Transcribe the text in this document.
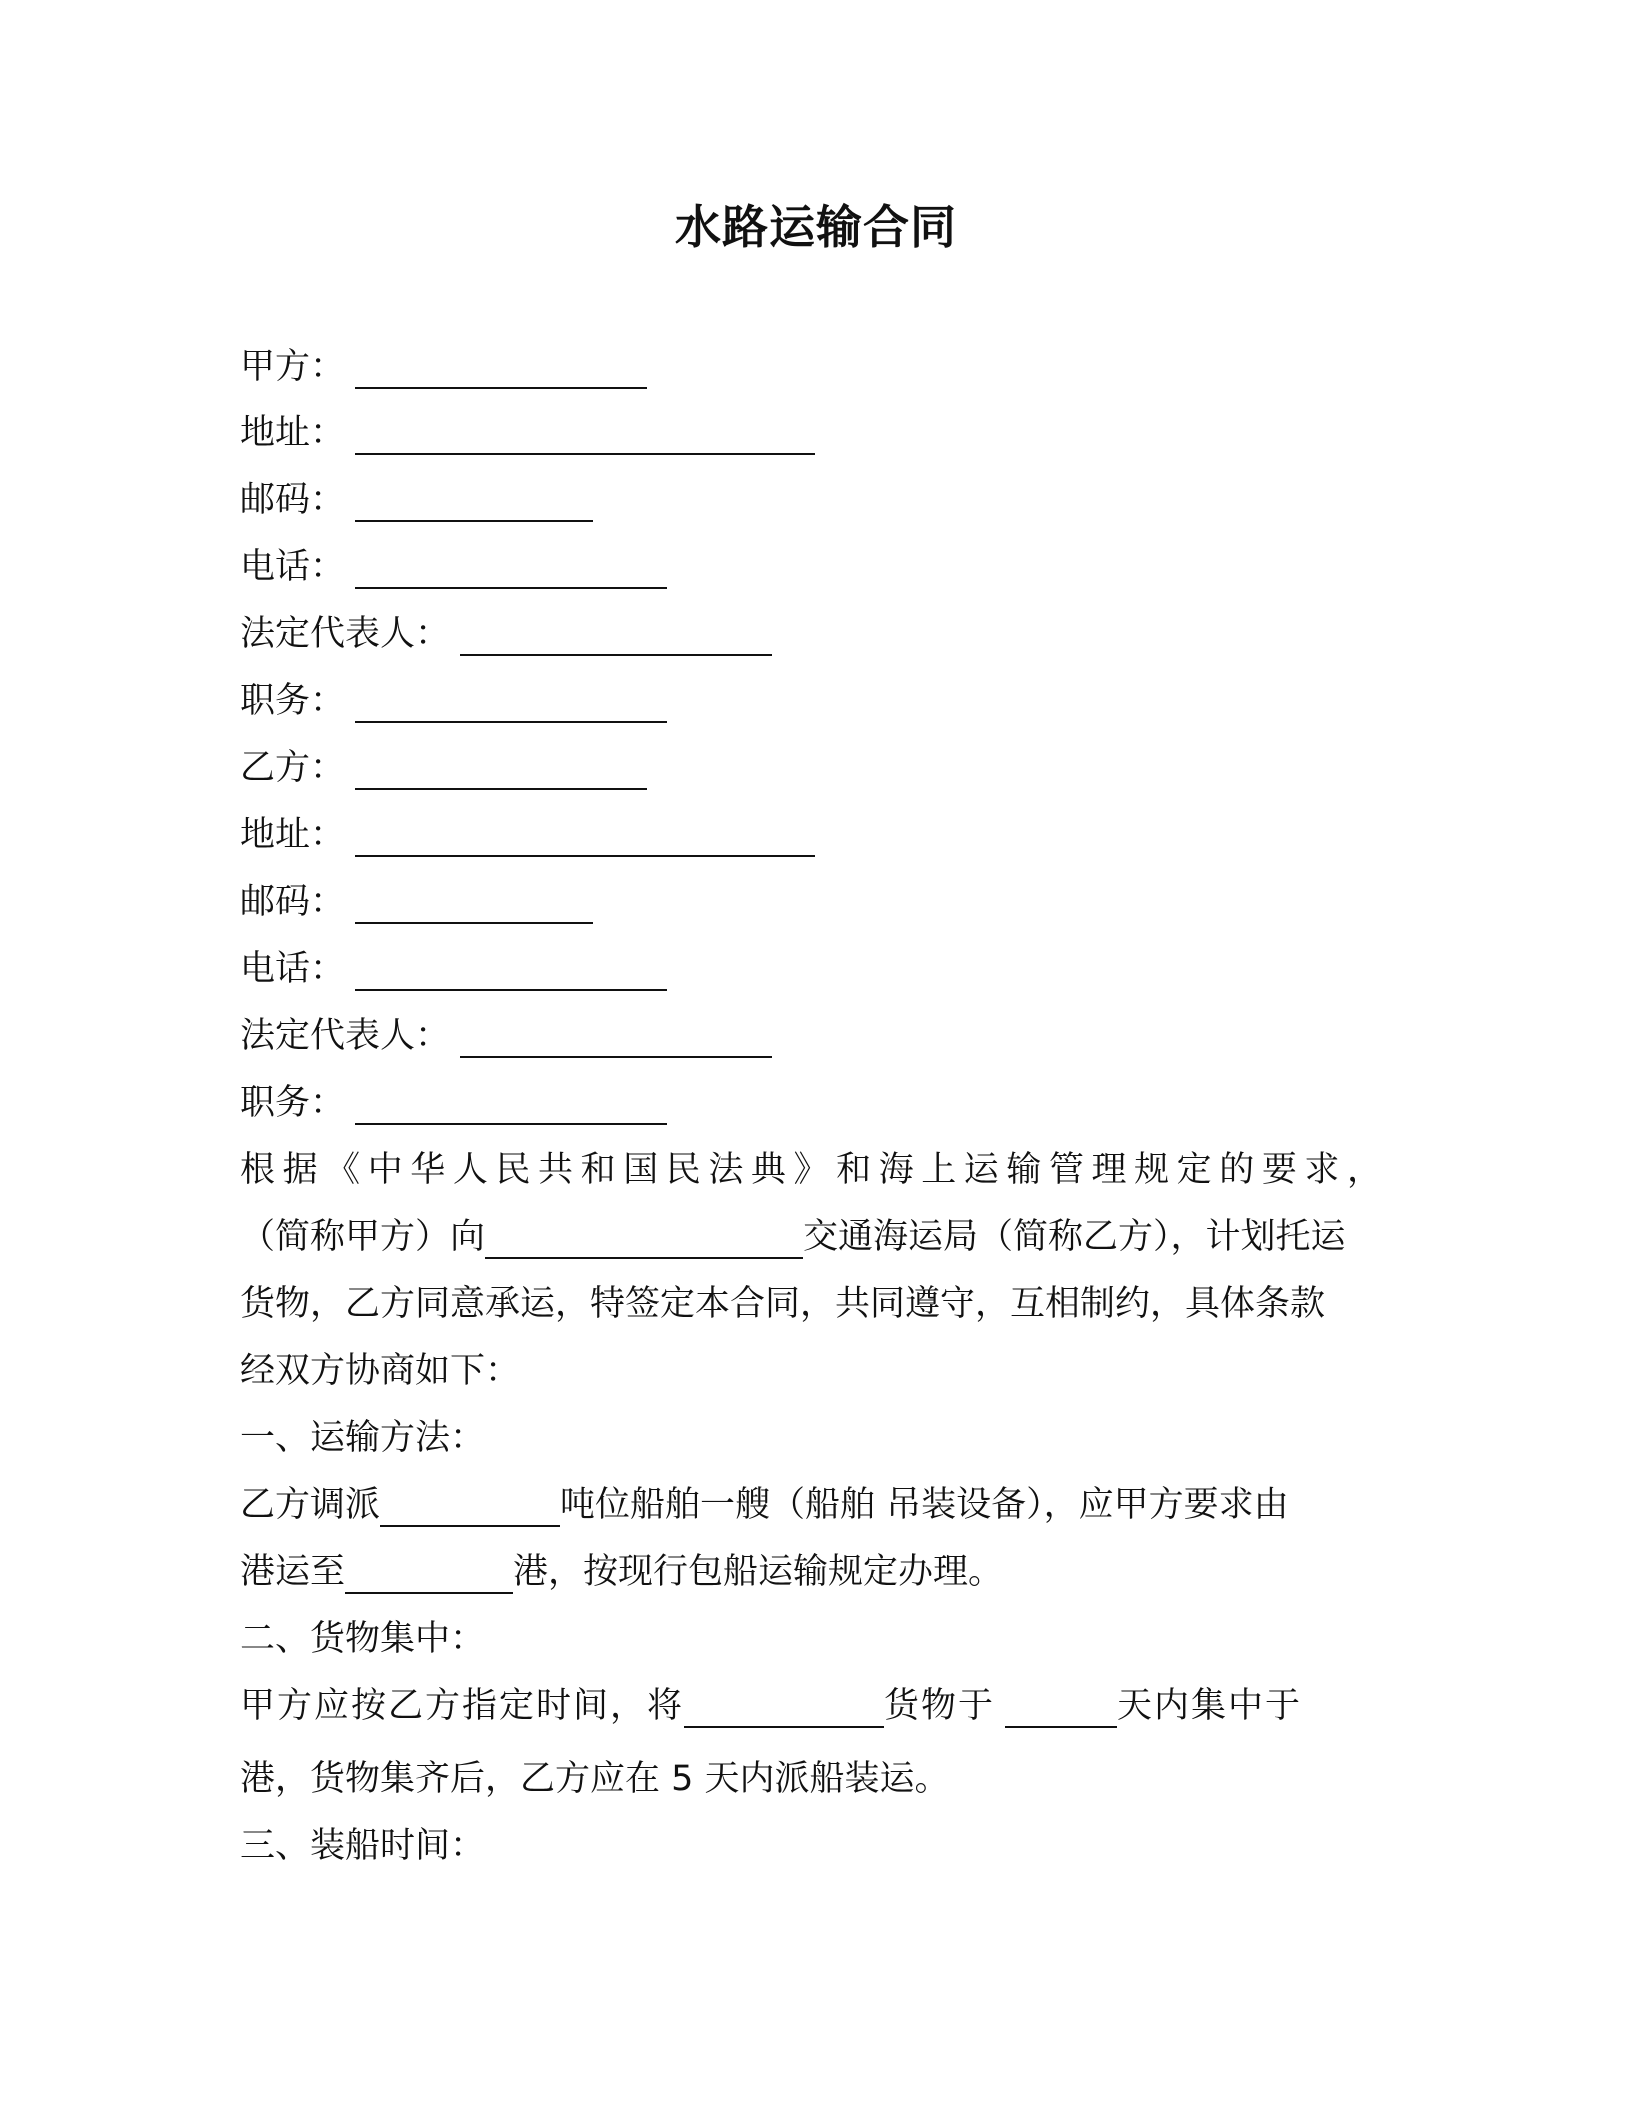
水路运输合同
甲方：
地址：
邮码：
电话：
法定代表人：
职务：
乙方：
地址：
邮码：
电话：
法定代表人：
职务：
根据《中华人民共和国民法典》和海上运输管理规定的要求，
（简称甲方）向	交通海运局（简称乙方），计划托运
货物，乙方同意承运，特签定本合同，共同遵守，互相制约，具体条款
经双方协商如下：
一、运输方法：
乙方调派	吨位船舶一艘（船舶 吊装设备），应甲方要求由
港运至	港，按现行包船运输规定办理。
二、货物集中：
甲方应按乙方指定时间，将	货物于	天内集中于
港，货物集齐后，乙方应在 5 天内派船装运。
三、装船时间：
